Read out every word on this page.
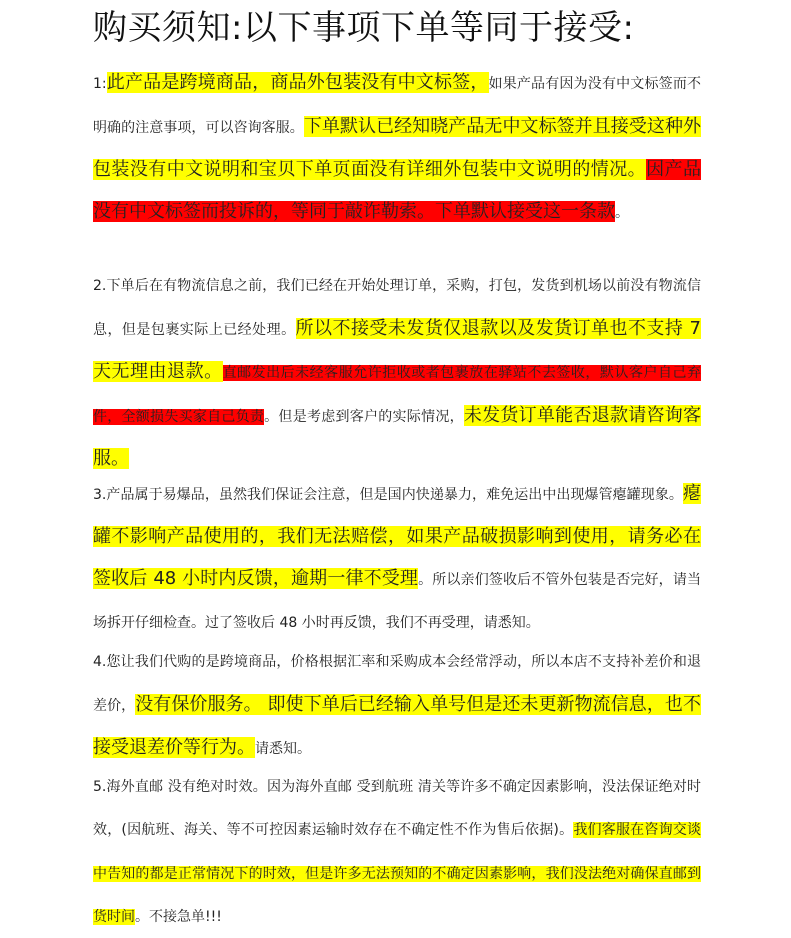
购买须知:以下事项下单等同于接受:
1:此产品是跨境商品，商品外包装没有中文标签，如果产品有因为没有中文标签而不明确的注意事项，可以咨询客服。下单默认已经知晓产品无中文标签并且接受这种外包装没有中文说明和宝贝下单页面没有详细外包装中文说明的情况。因产品没有中文标签而投诉的，等同于敲诈勒索。下单默认接受这一条款。
2.下单后在有物流信息之前，我们已经在开始处理订单，采购，打包，发货到机场以前没有物流信息，但是包裹实际上已经处理。所以不接受未发货仅退款以及发货订单也不支持 7 天无理由退款。直邮发出后未经客服允许拒收或者包裹放在驿站不去签收，默认客户自己弃件，全额损失买家自己负责。但是考虑到客户的实际情况，未发货订单能否退款请咨询客服。
3.产品属于易爆品，虽然我们保证会注意，但是国内快递暴力，难免运出中出现爆管瘪罐现象。瘪罐不影响产品使用的，我们无法赔偿，如果产品破损影响到使用，请务必在签收后 48 小时内反馈，逾期一律不受理。所以亲们签收后不管外包装是否完好，请当场拆开仔细检查。过了签收后 48 小时再反馈，我们不再受理，请悉知。
4.您让我们代购的是跨境商品，价格根据汇率和采购成本会经常浮动，所以本店不支持补差价和退差价，没有保价服务。 即使下单后已经输入单号但是还未更新物流信息，也不接受退差价等行为。请悉知。
5.海外直邮 没有绝对时效。因为海外直邮 受到航班 清关等许多不确定因素影响，没法保证绝对时效，(因航班、海关、等不可控因素运输时效存在不确定性不作为售后依据)。我们客服在咨询交谈中告知的都是正常情况下的时效，但是许多无法预知的不确定因素影响，我们没法绝对确保直邮到货时间。不接急单!!!
